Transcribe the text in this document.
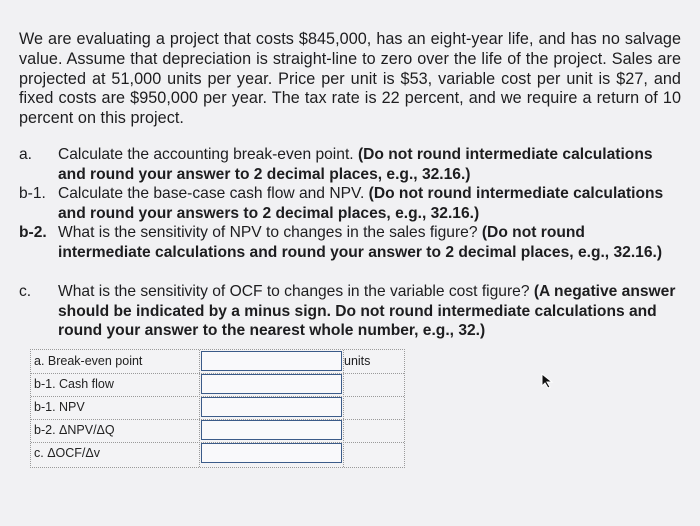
We are evaluating a project that costs $845,000, has an eight-year life, and has no salvage value. Assume that depreciation is straight-line to zero over the life of the project. Sales are projected at 51,000 units per year. Price per unit is $53, variable cost per unit is $27, and fixed costs are $950,000 per year. The tax rate is 22 percent, and we require a return of 10 percent on this project.
a.	Calculate the accounting break-even point. (Do not round intermediate calculations and round your answer to 2 decimal places, e.g., 32.16.)
b-1. Calculate the base-case cash flow and NPV. (Do not round intermediate calculations and round your answers to 2 decimal places, e.g., 32.16.)
b-2. What is the sensitivity of NPV to changes in the sales figure? (Do not round intermediate calculations and round your answer to 2 decimal places, e.g., 32.16.)
c.	What is the sensitivity of OCF to changes in the variable cost figure? (A negative answer should be indicated by a minus sign. Do not round intermediate calculations and round your answer to the nearest whole number, e.g., 32.)
a. Break-even point	units
b-1. Cash flow
b-1. NPV
b-2. ΔNPV/ΔQ
c. ΔOCF/Δv
